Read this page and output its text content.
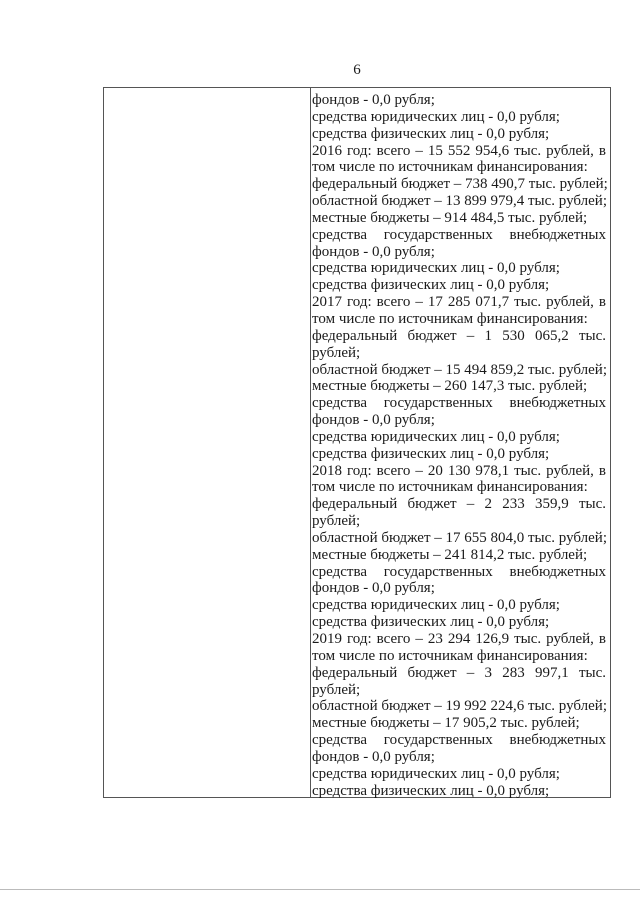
6
фондов - 0,0 рубля;
средства юридических лиц - 0,0 рубля;
средства физических лиц - 0,0 рубля;
2016 год: всего – 15 552 954,6 тыс. рублей, в
том числе по источникам финансирования:
федеральный бюджет – 738 490,7 тыс. рублей;
областной бюджет – 13 899 979,4 тыс. рублей;
местные бюджеты – 914 484,5 тыс. рублей;
средства государственных внебюджетных
фондов - 0,0 рубля;
средства юридических лиц - 0,0 рубля;
средства физических лиц - 0,0 рубля;
2017 год: всего – 17 285 071,7 тыс. рублей, в
том числе по источникам финансирования:
федеральный бюджет – 1 530 065,2 тыс.
рублей;
областной бюджет – 15 494 859,2 тыс. рублей;
местные бюджеты – 260 147,3 тыс. рублей;
средства государственных внебюджетных
фондов - 0,0 рубля;
средства юридических лиц - 0,0 рубля;
средства физических лиц - 0,0 рубля;
2018 год: всего – 20 130 978,1 тыс. рублей, в
том числе по источникам финансирования:
федеральный бюджет – 2 233 359,9 тыс.
рублей;
областной бюджет – 17 655 804,0 тыс. рублей;
местные бюджеты – 241 814,2 тыс. рублей;
средства государственных внебюджетных
фондов - 0,0 рубля;
средства юридических лиц - 0,0 рубля;
средства физических лиц - 0,0 рубля;
2019 год: всего – 23 294 126,9 тыс. рублей, в
том числе по источникам финансирования:
федеральный бюджет – 3 283 997,1 тыс.
рублей;
областной бюджет – 19 992 224,6 тыс. рублей;
местные бюджеты – 17 905,2 тыс. рублей;
средства государственных внебюджетных
фондов - 0,0 рубля;
средства юридических лиц - 0,0 рубля;
средства физических лиц - 0,0 рубля;
